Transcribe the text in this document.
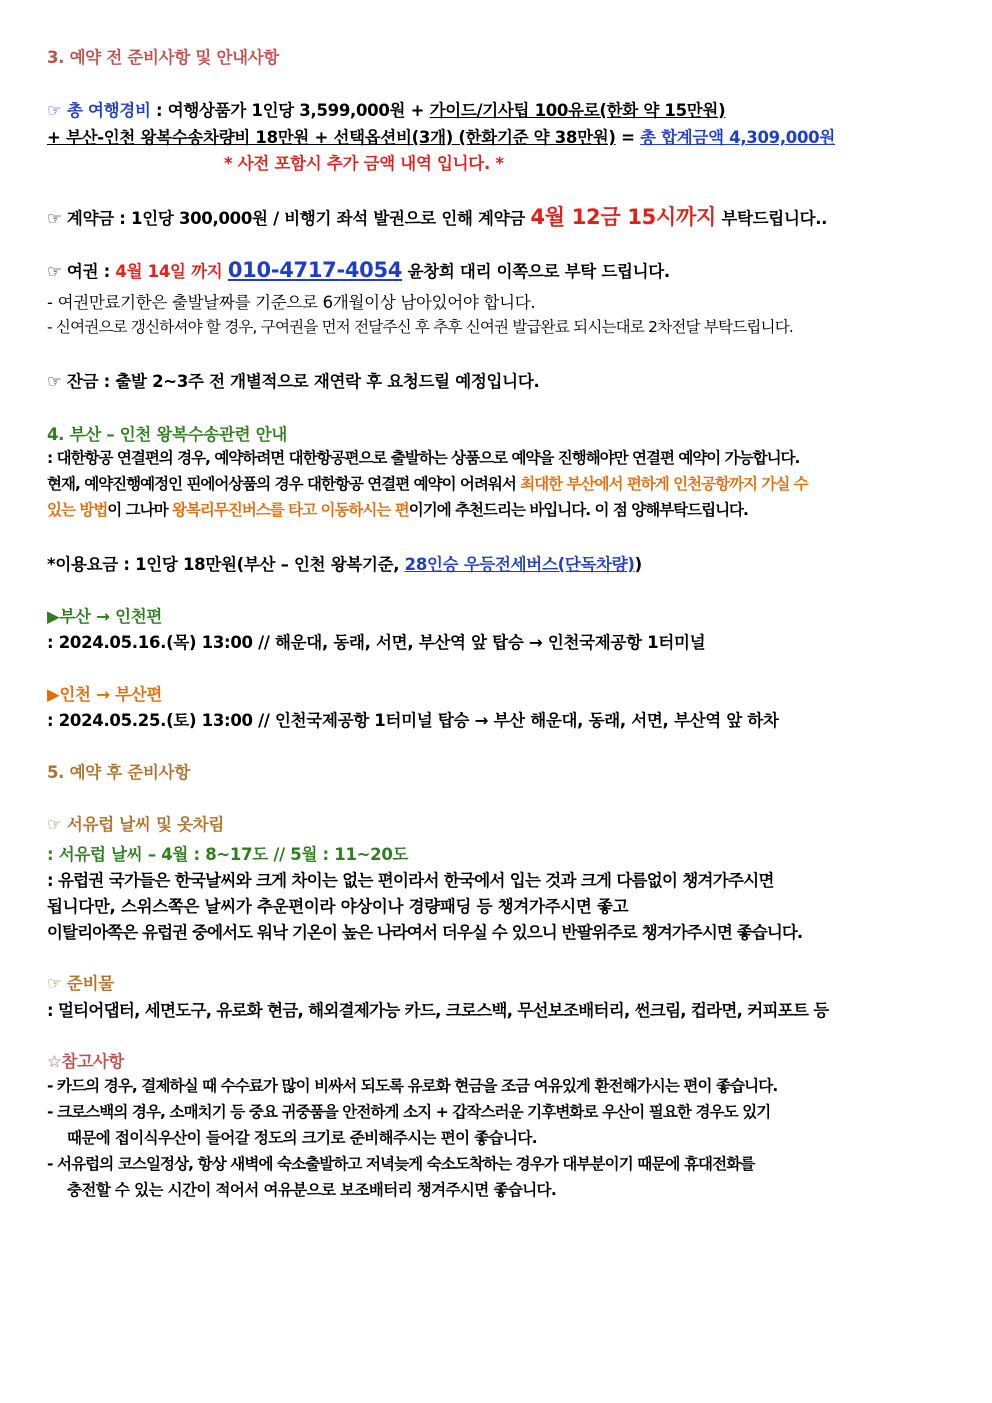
3. 예약 전 준비사항 및 안내사항
☞ 총 여행경비 : 여행상품가 1인당 3,599,000원 + 가이드/기사팁 100유로(한화 약 15만원)
+ 부산-인천 왕복수송차량비 18만원 + 선택옵션비(3개) (한화기준 약 38만원) = 총 합계금액 4,309,000원
* 사전 포함시 추가 금액 내역 입니다. *
☞ 계약금 : 1인당 300,000원 / 비행기 좌석 발권으로 인해 계약금 4월 12금 15시까지 부탁드립니다..
☞ 여권 : 4월 14일 까지 010-4717-4054 윤창희 대리 이쪽으로 부탁 드립니다.
- 여권만료기한은 출발날짜를 기준으로 6개월이상 남아있어야 합니다.
- 신여권으로 갱신하셔야 할 경우, 구여권을 먼저 전달주신 후 추후 신여권 발급완료 되시는대로 2차전달 부탁드립니다.
☞ 잔금 : 출발 2~3주 전 개별적으로 재연락 후 요청드릴 예정입니다.
4. 부산 – 인천 왕복수송관련 안내
: 대한항공 연결편의 경우, 예약하려면 대한항공편으로 출발하는 상품으로 예약을 진행해야만 연결편 예약이 가능합니다.
현재, 예약진행예정인 핀에어상품의 경우 대한항공 연결편 예약이 어려워서 최대한 부산에서 편하게 인천공항까지 가실 수
있는 방법이 그나마 왕복리무진버스를 타고 이동하시는 편이기에 추천드리는 바입니다. 이 점 양해부탁드립니다.
*이용요금 : 1인당 18만원(부산 – 인천 왕복기준, 28인승 우등전세버스(단독차량))
▶부산 → 인천편
: 2024.05.16.(목) 13:00 // 해운대, 동래, 서면, 부산역 앞 탑승 → 인천국제공항 1터미널
▶인천 → 부산편
: 2024.05.25.(토) 13:00 // 인천국제공항 1터미널 탑승 → 부산 해운대, 동래, 서면, 부산역 앞 하차
5. 예약 후 준비사항
☞ 서유럽 날씨 및 옷차림
: 서유럽 날씨 – 4월 : 8~17도 // 5월 : 11~20도
: 유럽권 국가들은 한국날씨와 크게 차이는 없는 편이라서 한국에서 입는 것과 크게 다름없이 챙겨가주시면
됩니다만, 스위스쪽은 날씨가 추운편이라 야상이나 경량패딩 등 챙겨가주시면 좋고
이탈리아쪽은 유럽권 중에서도 워낙 기온이 높은 나라여서 더우실 수 있으니 반팔위주로 챙겨가주시면 좋습니다.
☞ 준비물
: 멀티어댑터, 세면도구, 유로화 현금, 해외결제가능 카드, 크로스백, 무선보조배터리, 썬크림, 컵라면, 커피포트 등
☆참고사항
- 카드의 경우, 결제하실 때 수수료가 많이 비싸서 되도록 유로화 현금을 조금 여유있게 환전해가시는 편이 좋습니다.
- 크로스백의 경우, 소매치기 등 중요 귀중품을 안전하게 소지 + 갑작스러운 기후변화로 우산이 필요한 경우도 있기
때문에 접이식우산이 들어갈 정도의 크기로 준비해주시는 편이 좋습니다.
- 서유럽의 코스일정상, 항상 새벽에 숙소출발하고 저녁늦게 숙소도착하는 경우가 대부분이기 때문에 휴대전화를
충전할 수 있는 시간이 적어서 여유분으로 보조배터리 챙겨주시면 좋습니다.
